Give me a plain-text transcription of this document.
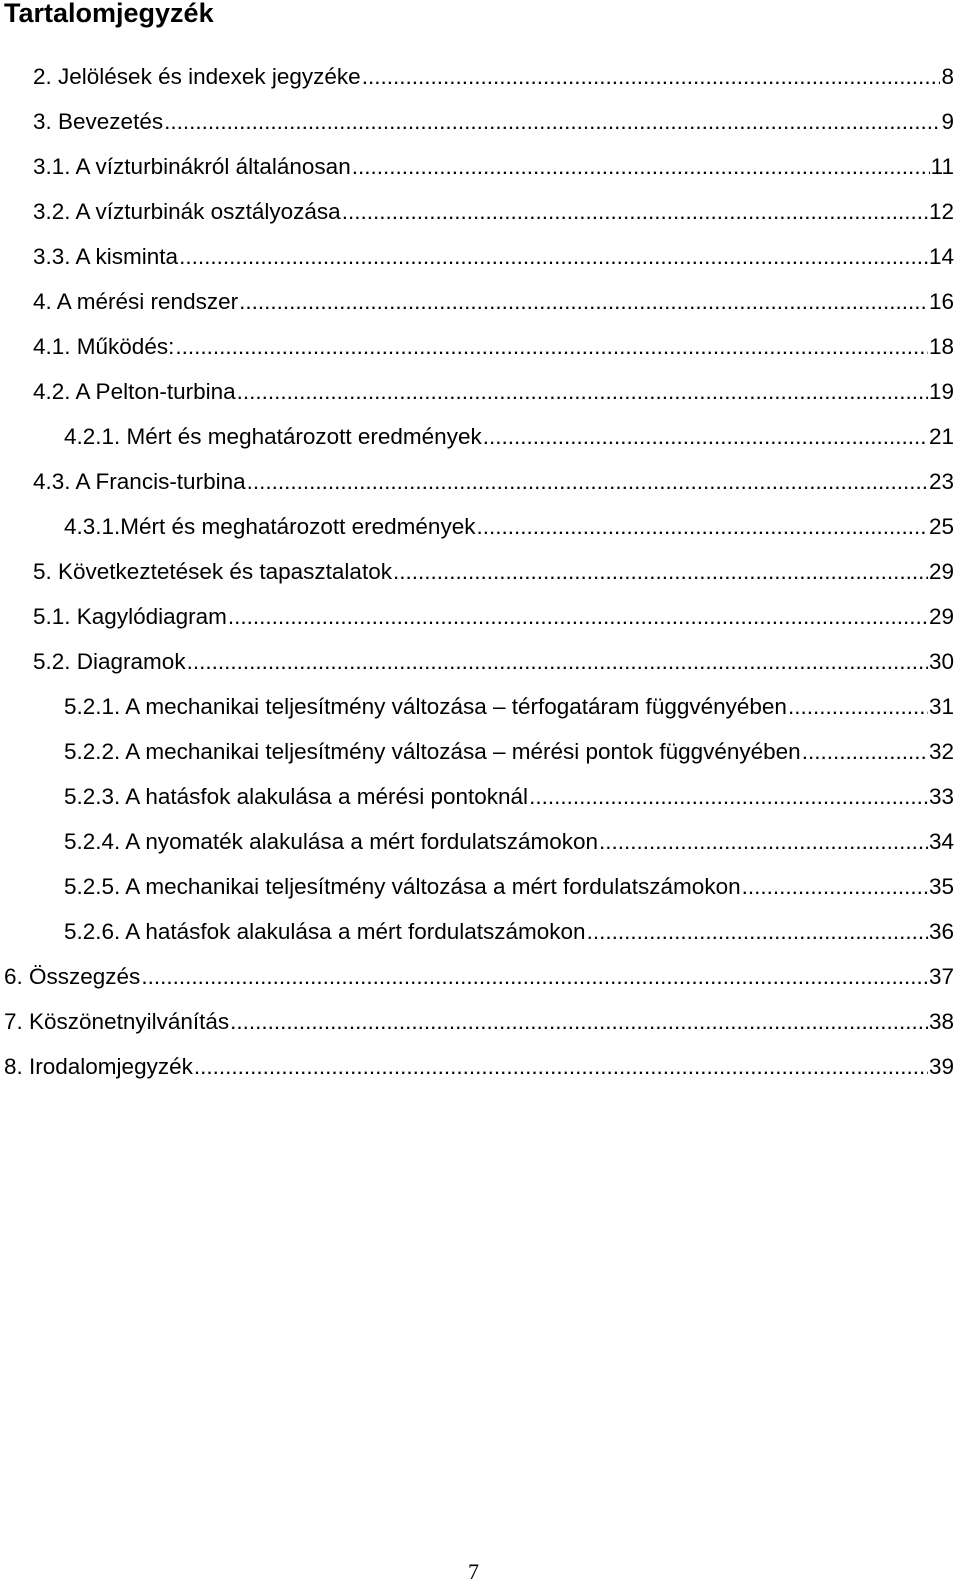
Tartalomjegyzék
2. Jelölések és indexek jegyzéke .....	8
3. Bevezetés .....	9
3.1. A vízturbinákról általánosan .....	11
3.2. A vízturbinák osztályozása .....	12
3.3. A kisminta .....	14
4. A mérési rendszer .....	16
4.1. Működés: .....	18
4.2. A Pelton-turbina .....	19
4.2.1. Mért és meghatározott eredmények .....	21
4.3. A Francis-turbina .....	23
4.3.1.Mért és meghatározott eredmények .....	25
5. Következtetések és tapasztalatok .....	29
5.1. Kagylódiagram .....	29
5.2. Diagramok .....	30
5.2.1. A mechanikai teljesítmény változása – térfogatáram függvényében .....	31
5.2.2. A mechanikai teljesítmény változása – mérési pontok függvényében .....	32
5.2.3. A hatásfok alakulása a mérési pontoknál .....	33
5.2.4. A nyomaték alakulása a mért fordulatszámokon .....	34
5.2.5. A mechanikai teljesítmény változása a mért fordulatszámokon .....	35
5.2.6. A hatásfok alakulása a mért fordulatszámokon .....	36
6. Összegzés .....	37
7. Köszönetnyilvánítás .....	38
8. Irodalomjegyzék .....	39
7
